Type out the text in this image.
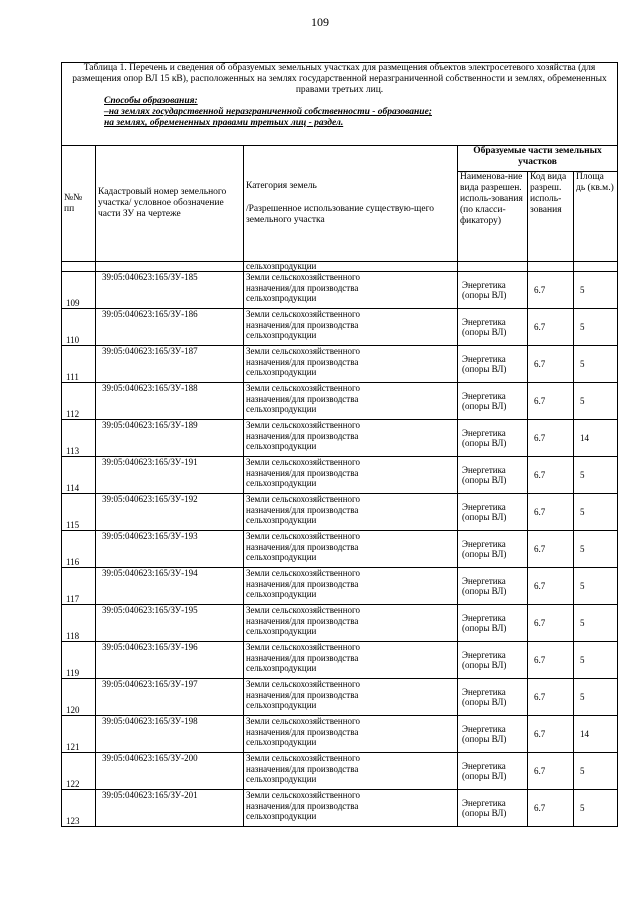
109
Таблица 1. Перечень и сведения об образуемых земельных участках для размещения объектов электросетевого хозяйства (для размещения опор ВЛ 15 кВ), расположенных на землях государственной неразграниченной собственности и землях, обремененных правами третьих лиц.
Способы образования:
–на землях государственной неразграниченной собственности - образование;
на землях, обремененных правами третьих лиц - раздел.					

№№ пп	Кадастровый номер земельного участка/ условное обозначение части ЗУ на чертеже	Категория земель
/Разрешенное использование существую-щего земельного участка	Образуемые части земельных участков		
			Наименова-ние вида разрешен. исполь-зования (по класси-фикатору)	Код вида разреш. исполь-зования	Площа дь (кв.м.)
		сельхозпродукции			
109	39:05:040623:165/ЗУ-185	Земли сельскохозяйственного
назначения/для производства
сельхозпродукции	Энергетика (опоры ВЛ)	6.7	5
110	39:05:040623:165/ЗУ-186	Земли сельскохозяйственного
назначения/для производства
сельхозпродукции	Энергетика (опоры ВЛ)	6.7	5
111	39:05:040623:165/ЗУ-187	Земли сельскохозяйственного
назначения/для производства
сельхозпродукции	Энергетика (опоры ВЛ)	6.7	5
112	39:05:040623:165/ЗУ-188	Земли сельскохозяйственного
назначения/для производства
сельхозпродукции	Энергетика (опоры ВЛ)	6.7	5
113	39:05:040623:165/ЗУ-189	Земли сельскохозяйственного
назначения/для производства
сельхозпродукции	Энергетика (опоры ВЛ)	6.7	14
114	39:05:040623:165/ЗУ-191	Земли сельскохозяйственного
назначения/для производства
сельхозпродукции	Энергетика (опоры ВЛ)	6.7	5
115	39:05:040623:165/ЗУ-192	Земли сельскохозяйственного
назначения/для производства
сельхозпродукции	Энергетика (опоры ВЛ)	6.7	5
116	39:05:040623:165/ЗУ-193	Земли сельскохозяйственного
назначения/для производства
сельхозпродукции	Энергетика (опоры ВЛ)	6.7	5
117	39:05:040623:165/ЗУ-194	Земли сельскохозяйственного
назначения/для производства
сельхозпродукции	Энергетика (опоры ВЛ)	6.7	5
118	39:05:040623:165/ЗУ-195	Земли сельскохозяйственного
назначения/для производства
сельхозпродукции	Энергетика (опоры ВЛ)	6.7	5
119	39:05:040623:165/ЗУ-196	Земли сельскохозяйственного
назначения/для производства
сельхозпродукции	Энергетика (опоры ВЛ)	6.7	5
120	39:05:040623:165/ЗУ-197	Земли сельскохозяйственного
назначения/для производства
сельхозпродукции	Энергетика (опоры ВЛ)	6.7	5
121	39:05:040623:165/ЗУ-198	Земли сельскохозяйственного
назначения/для производства
сельхозпродукции	Энергетика (опоры ВЛ)	6.7	14
122	39:05:040623:165/ЗУ-200	Земли сельскохозяйственного
назначения/для производства
сельхозпродукции	Энергетика (опоры ВЛ)	6.7	5
123	39:05:040623:165/ЗУ-201	Земли сельскохозяйственного
назначения/для производства
сельхозпродукции	Энергетика (опоры ВЛ)	6.7	5
